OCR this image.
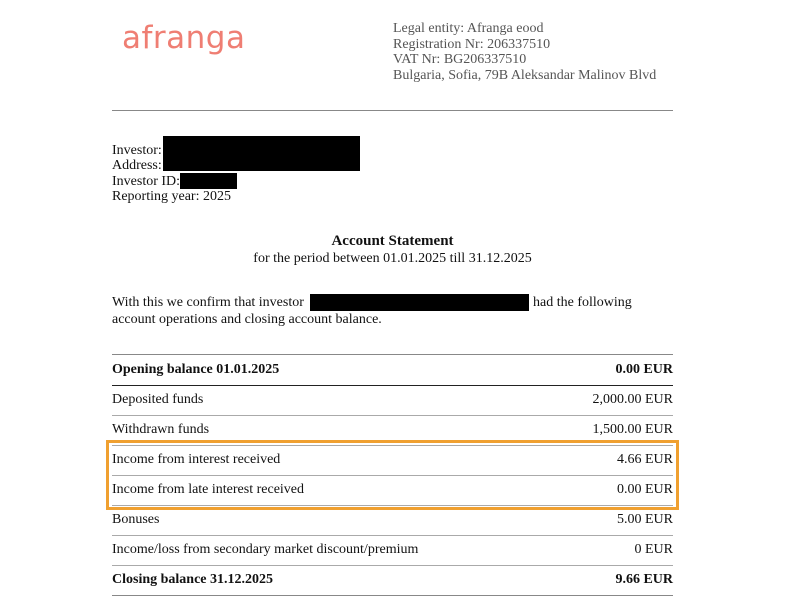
afranga	Legal entity: Afranga eood
Registration Nr: 206337510
VAT Nr: BG206337510
Bulgaria, Sofia, 79B Aleksandar Malinov Blvd
Investor:
Address:
Investor ID:
Reporting year: 2025
Account Statement
for the period between 01.01.2025 till 31.12.2025
With this we confirm that investor	had the following
account operations and closing account balance.
Opening balance 01.01.2025	0.00 EUR
Deposited funds	2,000.00 EUR
Withdrawn funds	1,500.00 EUR
Income from interest received	4.66 EUR
Income from late interest received	0.00 EUR
Bonuses	5.00 EUR
Income/loss from secondary market discount/premium	0 EUR
Closing balance 31.12.2025	9.66 EUR
